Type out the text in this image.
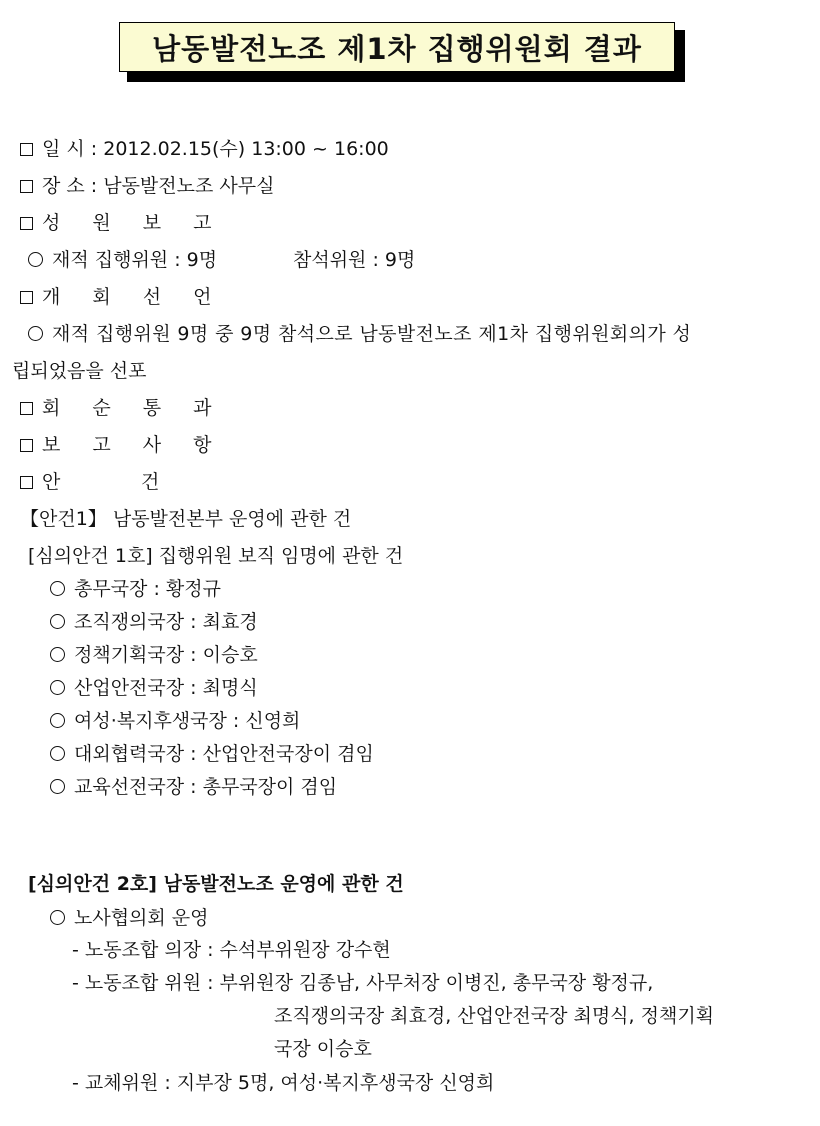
남동발전노조 제1차 집행위원회 결과
일 시 : 2012.02.15(수) 13:00 ~ 16:00
장 소 : 남동발전노조 사무실
성 원 보 고
재적 집행위원 : 9명	참석위원 : 9명
개 회 선 언
재적 집행위원 9명 중 9명 참석으로 남동발전노조 제1차 집행위원회의가 성
립되었음을 선포
회 순 통 과
보 고 사 항
안	건
【안건1】 남동발전본부 운영에 관한 건
[심의안건 1호] 집행위원 보직 임명에 관한 건
총무국장 : 황정규
조직쟁의국장 : 최효경
정책기획국장 : 이승호
산업안전국장 : 최명식
여성·복지후생국장 : 신영희
대외협력국장 : 산업안전국장이 겸임
교육선전국장 : 총무국장이 겸임
[심의안건 2호] 남동발전노조 운영에 관한 건
노사협의회 운영
- 노동조합 의장 : 수석부위원장 강수현
- 노동조합 위원 : 부위원장 김종남, 사무처장 이병진, 총무국장 황정규,
조직쟁의국장 최효경, 산업안전국장 최명식, 정책기획
국장 이승호
- 교체위원 : 지부장 5명, 여성·복지후생국장 신영희
